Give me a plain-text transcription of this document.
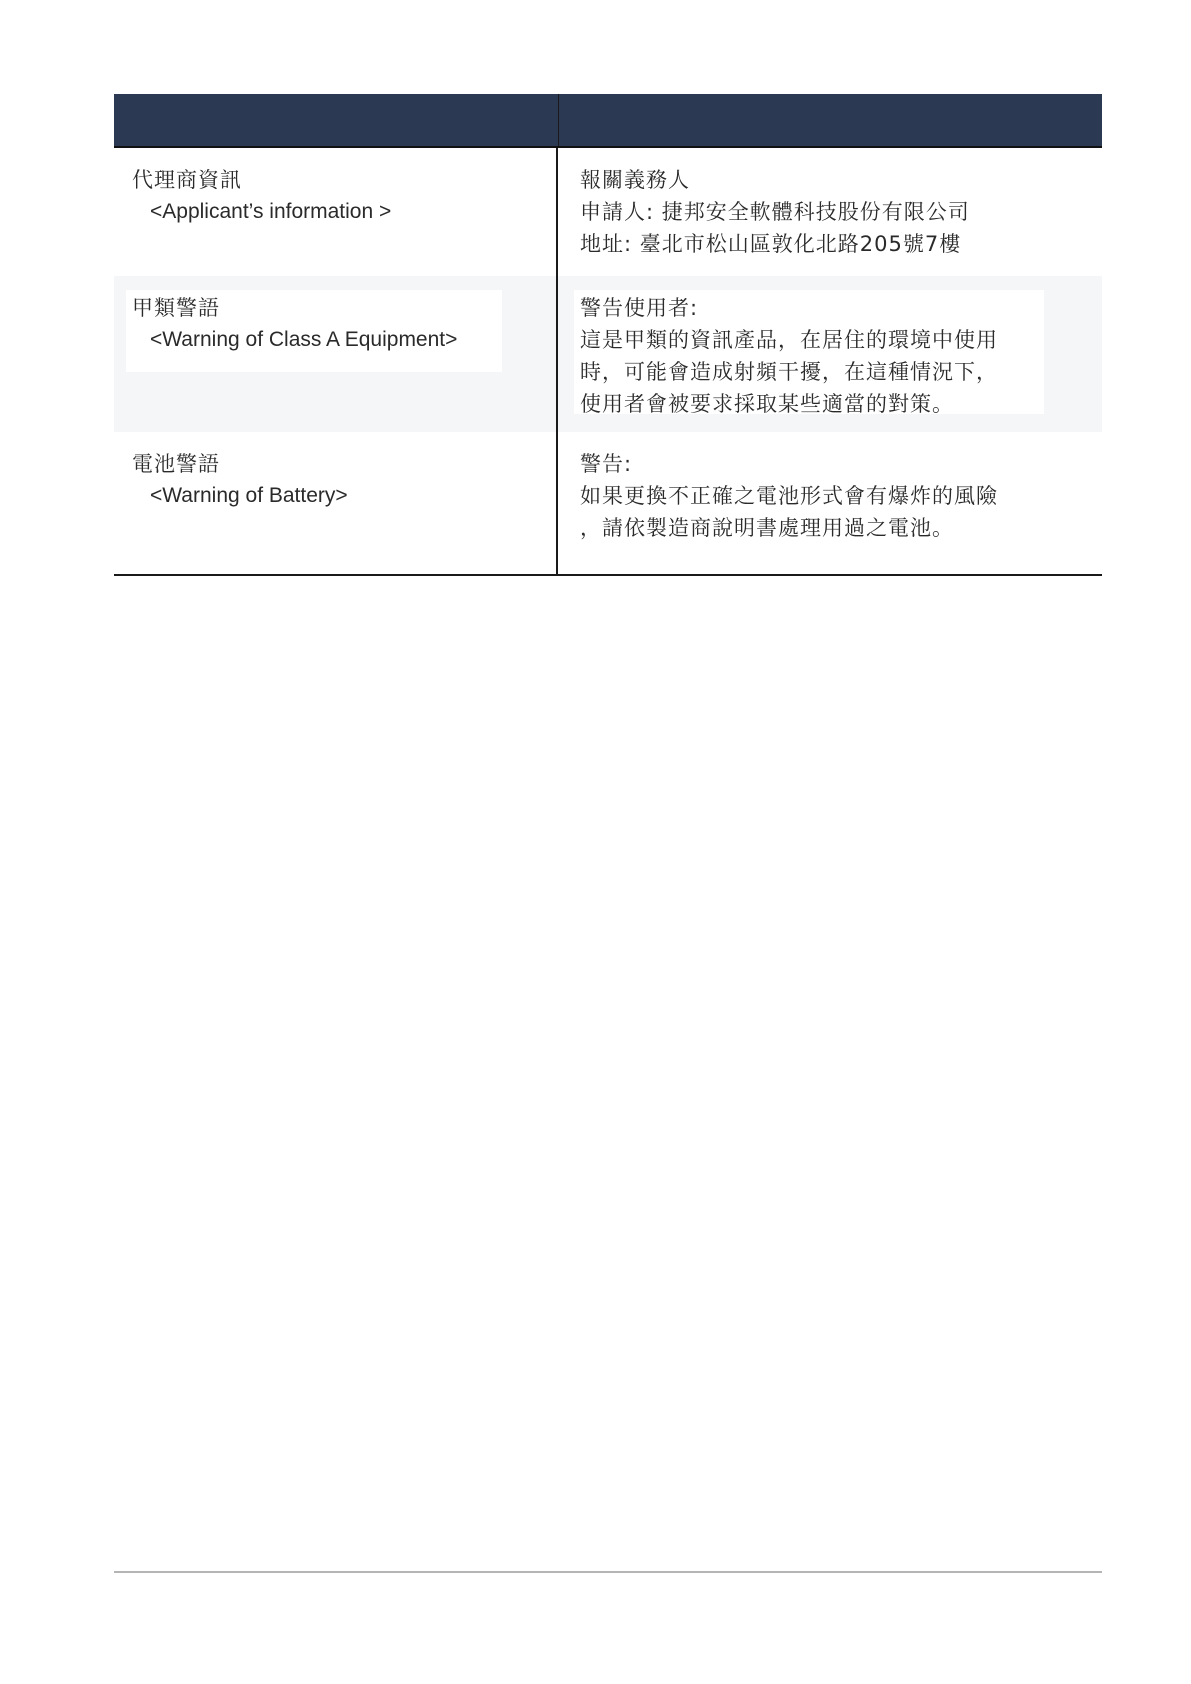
代理商資訊
<Applicant’s information >
報關義務人
申請人: 捷邦安全軟體科技股份有限公司
地址: 臺北市松山區敦化北路205號7樓
甲類警語
<Warning of Class A Equipment>
警告使用者:
這是甲類的資訊產品，在居住的環境中使用
時，可能會造成射頻干擾，在這種情況下，
使用者會被要求採取某些適當的對策。
電池警語
<Warning of Battery>
警告:
如果更換不正確之電池形式會有爆炸的風險
，請依製造商說明書處理用過之電池。
